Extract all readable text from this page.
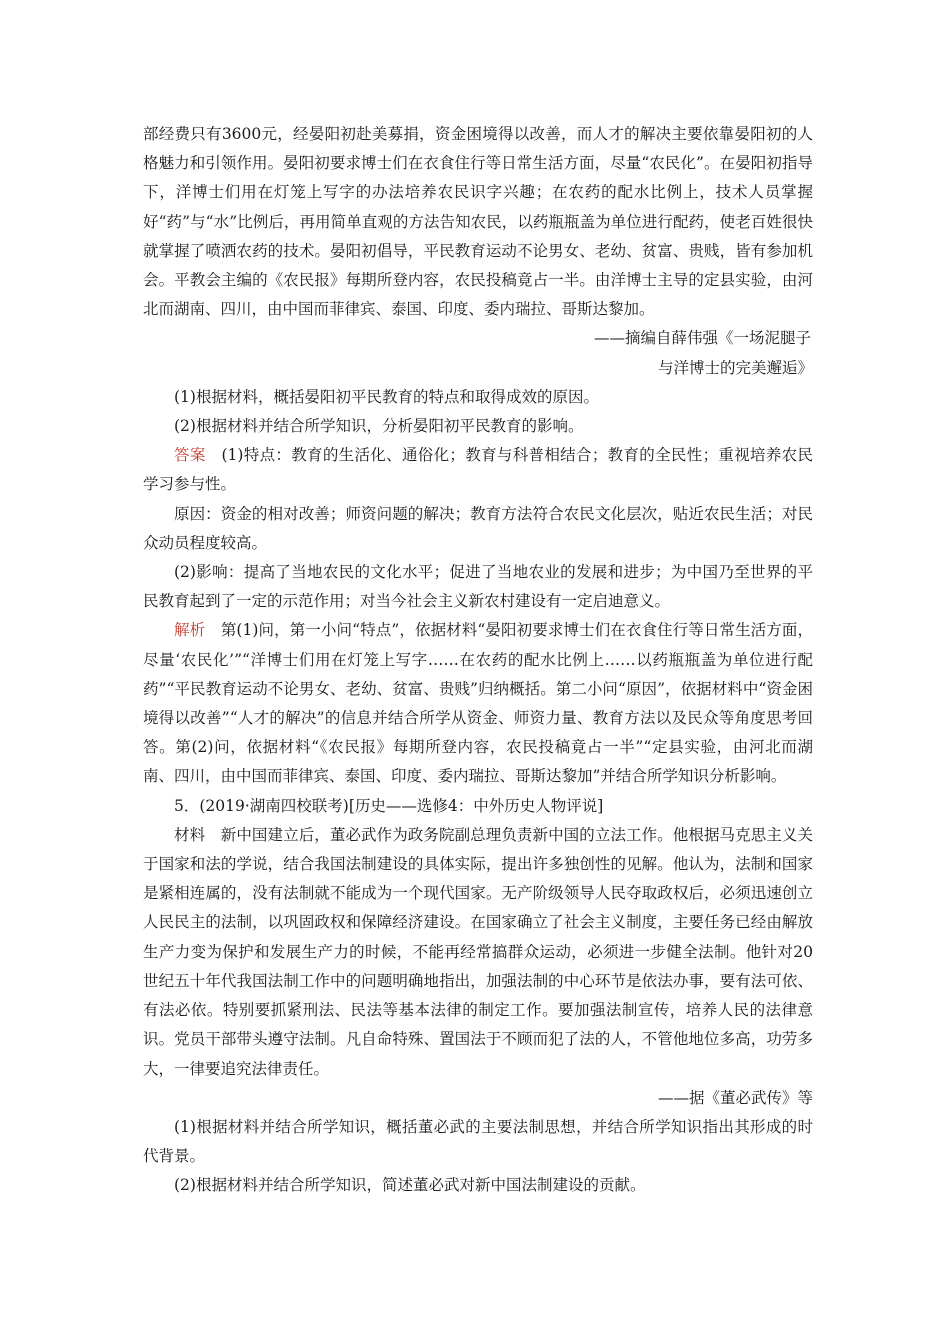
部经费只有3600元，经晏阳初赴美募捐，资金困境得以改善，而人才的解决主要依靠晏阳初的人格魅力和引领作用。晏阳初要求博士们在衣食住行等日常生活方面，尽量“农民化”。在晏阳初指导下，洋博士们用在灯笼上写字的办法培养农民识字兴趣；在农药的配水比例上，技术人员掌握好“药”与“水”比例后，再用简单直观的方法告知农民，以药瓶瓶盖为单位进行配药，使老百姓很快就掌握了喷洒农药的技术。晏阳初倡导，平民教育运动不论男女、老幼、贫富、贵贱，皆有参加机会。平教会主编的《农民报》每期所登内容，农民投稿竟占一半。由洋博士主导的定县实验，由河北而湖南、四川，由中国而菲律宾、泰国、印度、委内瑞拉、哥斯达黎加。

——摘编自薛伟强《一场泥腿子

与洋博士的完美邂逅》

(1)根据材料，概括晏阳初平民教育的特点和取得成效的原因。

(2)根据材料并结合所学知识，分析晏阳初平民教育的影响。

答案　(1)特点：教育的生活化、通俗化；教育与科普相结合；教育的全民性；重视培养农民学习参与性。

原因：资金的相对改善；师资问题的解决；教育方法符合农民文化层次，贴近农民生活；对民众动员程度较高。

(2)影响：提高了当地农民的文化水平；促进了当地农业的发展和进步；为中国乃至世界的平民教育起到了一定的示范作用；对当今社会主义新农村建设有一定启迪意义。

解析　第(1)问，第一小问“特点”，依据材料“晏阳初要求博士们在衣食住行等日常生活方面，尽量‘农民化’”“洋博士们用在灯笼上写字……在农药的配水比例上……以药瓶瓶盖为单位进行配药”“平民教育运动不论男女、老幼、贫富、贵贱”归纳概括。第二小问“原因”，依据材料中“资金困境得以改善”“人才的解决”的信息并结合所学从资金、师资力量、教育方法以及民众等角度思考回答。第(2)问，依据材料“《农民报》每期所登内容，农民投稿竟占一半”“定县实验，由河北而湖南、四川，由中国而菲律宾、泰国、印度、委内瑞拉、哥斯达黎加”并结合所学知识分析影响。

5．(2019·湖南四校联考)[历史——选修4：中外历史人物评说]

材料　新中国建立后，董必武作为政务院副总理负责新中国的立法工作。他根据马克思主义关于国家和法的学说，结合我国法制建设的具体实际，提出许多独创性的见解。他认为，法制和国家是紧相连属的，没有法制就不能成为一个现代国家。无产阶级领导人民夺取政权后，必须迅速创立人民民主的法制，以巩固政权和保障经济建设。在国家确立了社会主义制度，主要任务已经由解放生产力变为保护和发展生产力的时候，不能再经常搞群众运动，必须进一步健全法制。他针对20世纪五十年代我国法制工作中的问题明确地指出，加强法制的中心环节是依法办事，要有法可依、有法必依。特别要抓紧刑法、民法等基本法律的制定工作。要加强法制宣传，培养人民的法律意识。党员干部带头遵守法制。凡自命特殊、置国法于不顾而犯了法的人，不管他地位多高，功劳多大，一律要追究法律责任。

——据《董必武传》等

(1)根据材料并结合所学知识，概括董必武的主要法制思想，并结合所学知识指出其形成的时代背景。

(2)根据材料并结合所学知识，简述董必武对新中国法制建设的贡献。
